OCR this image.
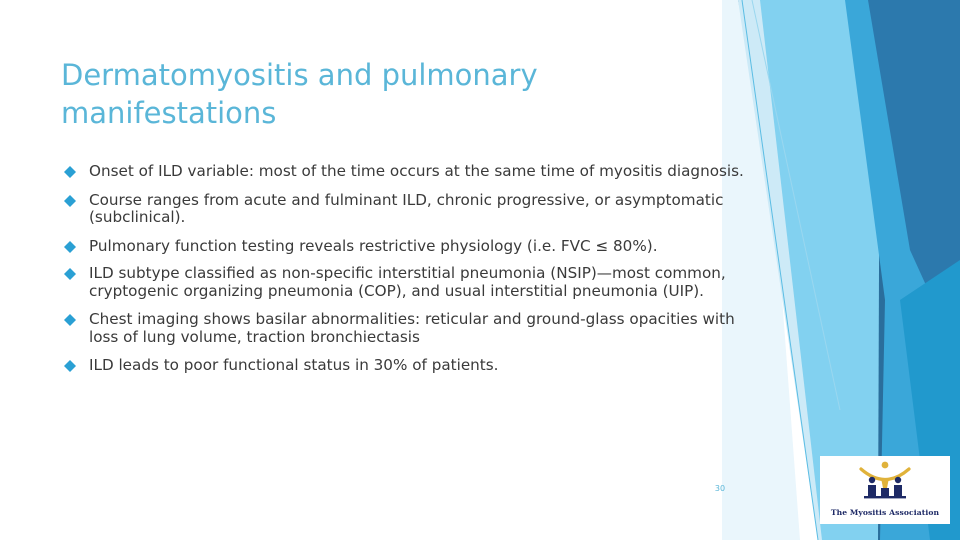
Dermatomyositis and pulmonary manifestations
Onset of ILD variable: most of the time occurs at the same time of myositis diagnosis.
Course ranges from acute and fulminant ILD, chronic progressive, or asymptomatic (subclinical).
Pulmonary function testing reveals restrictive physiology (i.e. FVC ≤ 80%).
ILD subtype classified as non-specific interstitial pneumonia (NSIP)—most common, cryptogenic organizing pneumonia (COP), and usual interstitial pneumonia (UIP).
Chest imaging shows basilar abnormalities: reticular and ground-glass opacities with loss of lung volume, traction bronchiectasis
ILD leads to poor functional status in 30% of patients.
30
The Myositis Association
